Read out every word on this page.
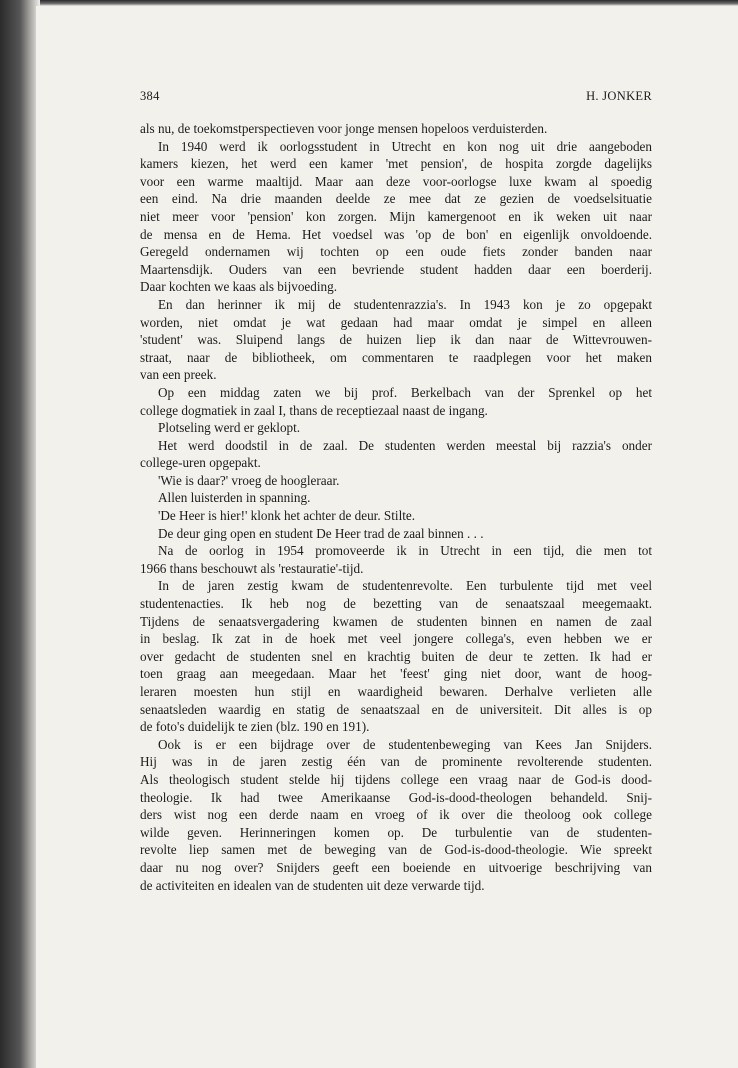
384	H. JONKER
als nu, de toekomstperspectieven voor jonge mensen hopeloos verduisterden.
In 1940 werd ik oorlogsstudent in Utrecht en kon nog uit drie aangeboden
kamers kiezen, het werd een kamer 'met pension', de hospita zorgde dagelijks
voor een warme maaltijd. Maar aan deze voor-oorlogse luxe kwam al spoedig
een eind. Na drie maanden deelde ze mee dat ze gezien de voedselsituatie
niet meer voor 'pension' kon zorgen. Mijn kamergenoot en ik weken uit naar
de mensa en de Hema. Het voedsel was 'op de bon' en eigenlijk onvoldoende.
Geregeld ondernamen wij tochten op een oude fiets zonder banden naar
Maartensdijk. Ouders van een bevriende student hadden daar een boerderij.
Daar kochten we kaas als bijvoeding.
En dan herinner ik mij de studentenrazzia's. In 1943 kon je zo opgepakt
worden, niet omdat je wat gedaan had maar omdat je simpel en alleen
'student' was. Sluipend langs de huizen liep ik dan naar de Wittevrouwen-
straat, naar de bibliotheek, om commentaren te raadplegen voor het maken
van een preek.
Op een middag zaten we bij prof. Berkelbach van der Sprenkel op het
college dogmatiek in zaal I, thans de receptiezaal naast de ingang.
Plotseling werd er geklopt.
Het werd doodstil in de zaal. De studenten werden meestal bij razzia's onder
college-uren opgepakt.
'Wie is daar?' vroeg de hoogleraar.
Allen luisterden in spanning.
'De Heer is hier!' klonk het achter de deur. Stilte.
De deur ging open en student De Heer trad de zaal binnen . . .
Na de oorlog in 1954 promoveerde ik in Utrecht in een tijd, die men tot
1966 thans beschouwt als 'restauratie'-tijd.
In de jaren zestig kwam de studentenrevolte. Een turbulente tijd met veel
studentenacties. Ik heb nog de bezetting van de senaatszaal meegemaakt.
Tijdens de senaatsvergadering kwamen de studenten binnen en namen de zaal
in beslag. Ik zat in de hoek met veel jongere collega's, even hebben we er
over gedacht de studenten snel en krachtig buiten de deur te zetten. Ik had er
toen graag aan meegedaan. Maar het 'feest' ging niet door, want de hoog-
leraren moesten hun stijl en waardigheid bewaren. Derhalve verlieten alle
senaatsleden waardig en statig de senaatszaal en de universiteit. Dit alles is op
de foto's duidelijk te zien (blz. 190 en 191).
Ook is er een bijdrage over de studentenbeweging van Kees Jan Snijders.
Hij was in de jaren zestig één van de prominente revolterende studenten.
Als theologisch student stelde hij tijdens college een vraag naar de God-is dood-
theologie. Ik had twee Amerikaanse God-is-dood-theologen behandeld. Snij-
ders wist nog een derde naam en vroeg of ik over die theoloog ook college
wilde geven. Herinneringen komen op. De turbulentie van de studenten-
revolte liep samen met de beweging van de God-is-dood-theologie. Wie spreekt
daar nu nog over? Snijders geeft een boeiende en uitvoerige beschrijving van
de activiteiten en idealen van de studenten uit deze verwarde tijd.
